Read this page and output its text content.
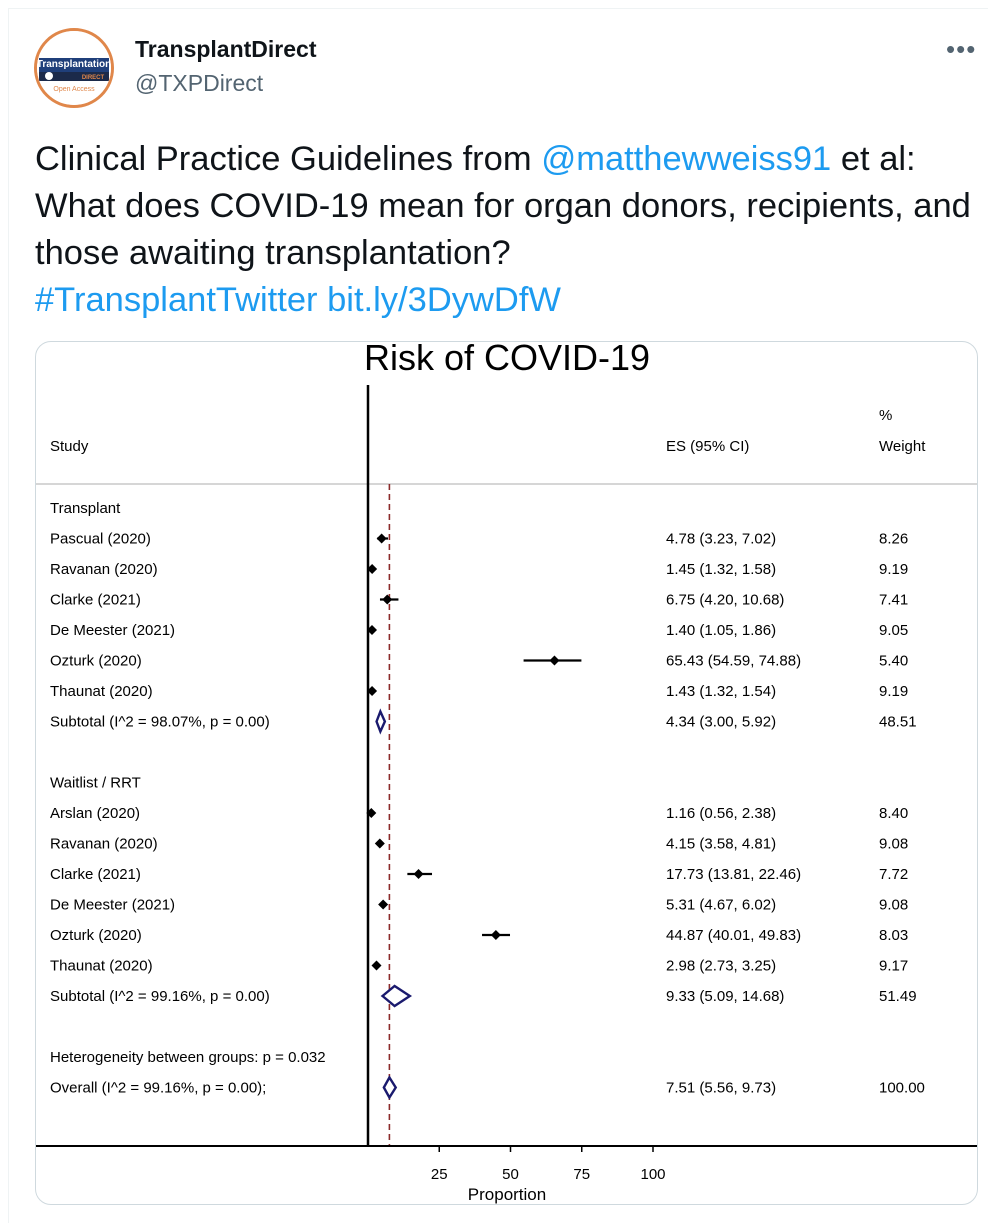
Transplantation
DIRECT
Open Access
TransplantDirect
@TXPDirect
•••
Clinical Practice Guidelines from @matthewweiss91 et al: What does COVID-19 mean for organ donors, recipients, and those awaiting transplantation?
#TransplantTwitter bit.ly/3DywDfW
Risk of COVID-19
Study	ES (95% CI)
%
Weight
Transplant
Pascual (2020)	4.78 (3.23, 7.02)	8.26
Ravanan (2020)	1.45 (1.32, 1.58)	9.19
Clarke (2021)	6.75 (4.20, 10.68)	7.41
De Meester (2021)	1.40 (1.05, 1.86)	9.05
Ozturk (2020)	65.43 (54.59, 74.88)	5.40
Thaunat (2020)	1.43 (1.32, 1.54)	9.19
Subtotal (I^2 = 98.07%, p = 0.00)	4.34 (3.00, 5.92)	48.51
Waitlist / RRT
Arslan (2020)	1.16 (0.56, 2.38)	8.40
Ravanan (2020)	4.15 (3.58, 4.81)	9.08
Clarke (2021)	17.73 (13.81, 22.46)	7.72
De Meester (2021)	5.31 (4.67, 6.02)	9.08
Ozturk (2020)	44.87 (40.01, 49.83)	8.03
Thaunat (2020)	2.98 (2.73, 3.25)	9.17
Subtotal (I^2 = 99.16%, p = 0.00)	9.33 (5.09, 14.68)	51.49
Heterogeneity between groups: p = 0.032
Overall (I^2 = 99.16%, p = 0.00);	7.51 (5.56, 9.73)	100.00
25	50	75	100
Proportion
